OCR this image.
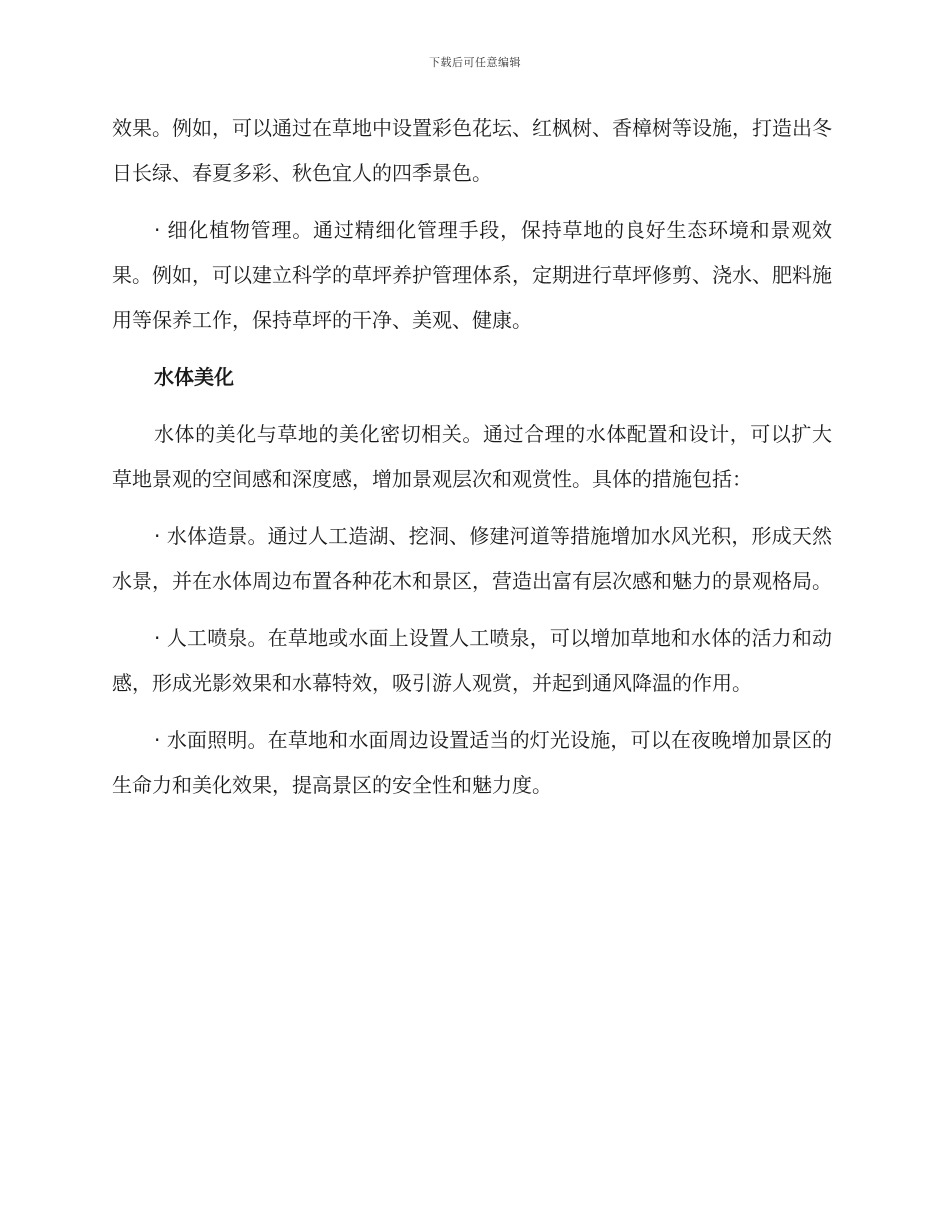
下载后可任意编辑

效果。例如，可以通过在草地中设置彩色花坛、红枫树、香樟树等设施，打造出冬日长绿、春夏多彩、秋色宜人的四季景色。

· 细化植物管理。通过精细化管理手段，保持草地的良好生态环境和景观效果。例如，可以建立科学的草坪养护管理体系，定期进行草坪修剪、浇水、肥料施用等保养工作，保持草坪的干净、美观、健康。

水体美化

水体的美化与草地的美化密切相关。通过合理的水体配置和设计，可以扩大草地景观的空间感和深度感，增加景观层次和观赏性。具体的措施包括：

· 水体造景。通过人工造湖、挖洞、修建河道等措施增加水风光积，形成天然水景，并在水体周边布置各种花木和景区，营造出富有层次感和魅力的景观格局。

· 人工喷泉。在草地或水面上设置人工喷泉，可以增加草地和水体的活力和动感，形成光影效果和水幕特效，吸引游人观赏，并起到通风降温的作用。

· 水面照明。在草地和水面周边设置适当的灯光设施，可以在夜晚增加景区的生命力和美化效果，提高景区的安全性和魅力度。
